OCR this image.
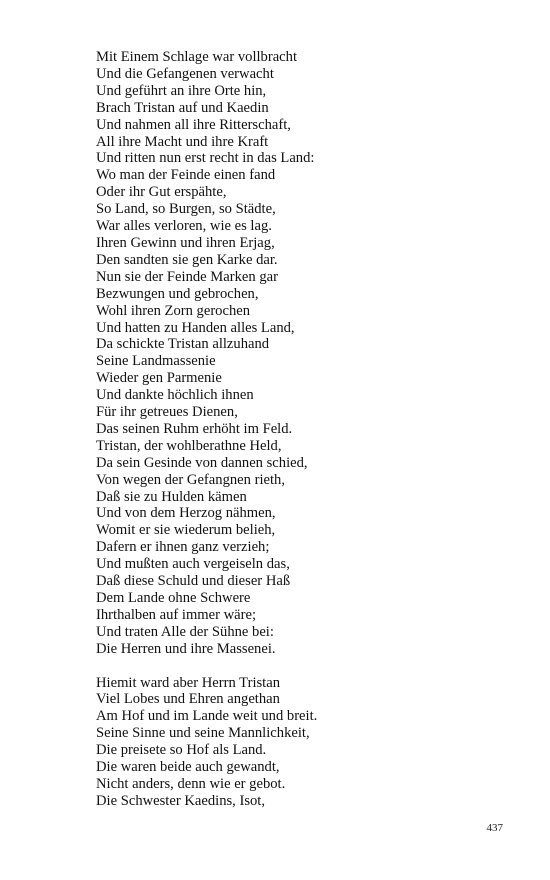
Mit Einem Schlage war vollbracht
Und die Gefangenen verwacht
Und geführt an ihre Orte hin,
Brach Tristan auf und Kaedin
Und nahmen all ihre Ritterschaft,
All ihre Macht und ihre Kraft
Und ritten nun erst recht in das Land:
Wo man der Feinde einen fand
Oder ihr Gut erspähte,
So Land, so Burgen, so Städte,
War alles verloren, wie es lag.
Ihren Gewinn und ihren Erjag,
Den sandten sie gen Karke dar.
Nun sie der Feinde Marken gar
Bezwungen und gebrochen,
Wohl ihren Zorn gerochen
Und hatten zu Handen alles Land,
Da schickte Tristan allzuhand
Seine Landmassenie
Wieder gen Parmenie
Und dankte höchlich ihnen
Für ihr getreues Dienen,
Das seinen Ruhm erhöht im Feld.
Tristan, der wohlberathne Held,
Da sein Gesinde von dannen schied,
Von wegen der Gefangnen rieth,
Daß sie zu Hulden kämen
Und von dem Herzog nähmen,
Womit er sie wiederum belieh,
Dafern er ihnen ganz verzieh;
Und mußten auch vergeiseln das,
Daß diese Schuld und dieser Haß
Dem Lande ohne Schwere
Ihrthalben auf immer wäre;
Und traten Alle der Sühne bei:
Die Herren und ihre Massenei.
Hiemit ward aber Herrn Tristan
Viel Lobes und Ehren angethan
Am Hof und im Lande weit und breit.
Seine Sinne und seine Mannlichkeit,
Die preisete so Hof als Land.
Die waren beide auch gewandt,
Nicht anders, denn wie er gebot.
Die Schwester Kaedins, Isot,
437
